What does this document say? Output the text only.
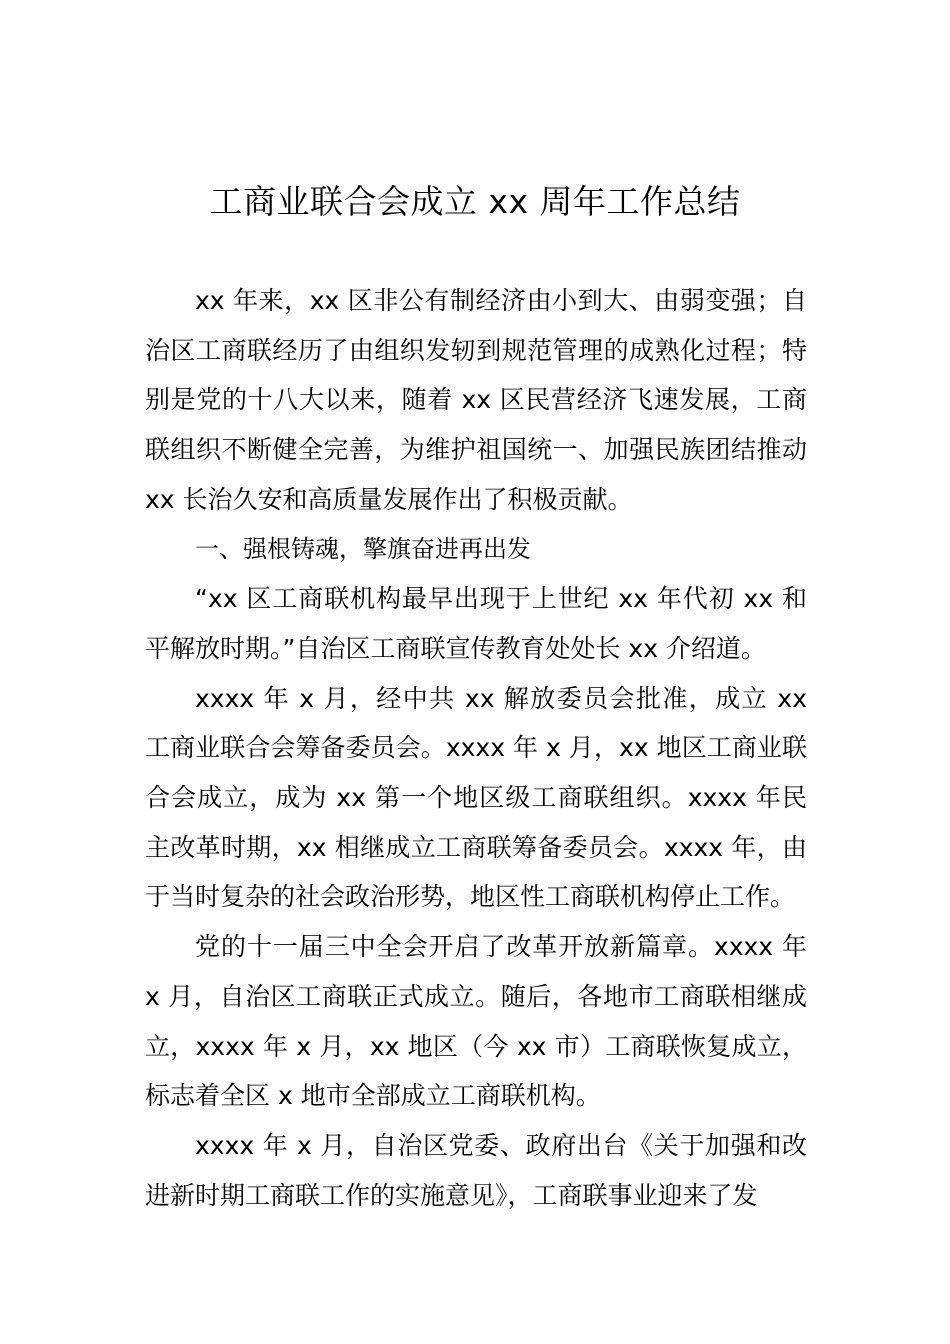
工商业联合会成立 xx 周年工作总结

xx 年来，xx 区非公有制经济由小到大、由弱变强；自治区工商联经历了由组织发轫到规范管理的成熟化过程；特别是党的十八大以来，随着 xx 区民营经济飞速发展，工商联组织不断健全完善，为维护祖国统一、加强民族团结推动 xx 长治久安和高质量发展作出了积极贡献。

一、强根铸魂，擎旗奋进再出发

“xx 区工商联机构最早出现于上世纪 xx 年代初 xx 和平解放时期。”自治区工商联宣传教育处处长 xx 介绍道。

xxxx 年 x 月，经中共 xx 解放委员会批准，成立 xx 工商业联合会筹备委员会。xxxx 年 x 月，xx 地区工商业联合会成立，成为 xx 第一个地区级工商联组织。xxxx 年民主改革时期，xx 相继成立工商联筹备委员会。xxxx 年，由于当时复杂的社会政治形势，地区性工商联机构停止工作。

党的十一届三中全会开启了改革开放新篇章。xxxx 年 x 月，自治区工商联正式成立。随后，各地市工商联相继成立，xxxx 年 x 月，xx 地区（今 xx 市）工商联恢复成立，标志着全区 x 地市全部成立工商联机构。

xxxx 年 x 月，自治区党委、政府出台《关于加强和改进新时期工商联工作的实施意见》，工商联事业迎来了发
